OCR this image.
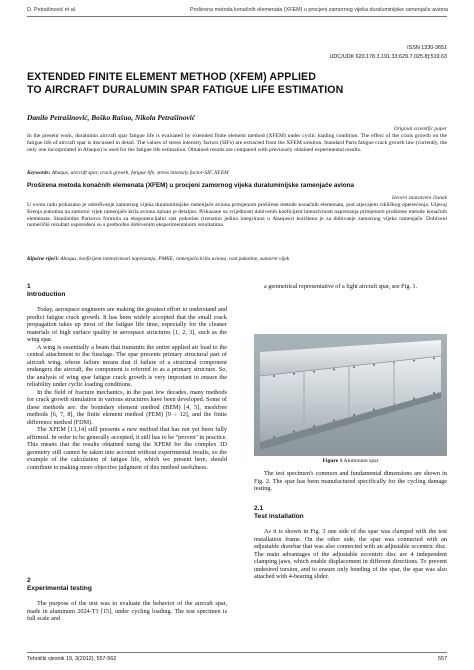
D. Petrašinović et al.	Proširena metoda konačnih elemenata (XFEM) u procjeni zamornog vijeka duraluminijske ramenjače aviona
ISSN 1330-3651
UDC/UDK 620.178.3.191.33:629.7.025.8]:519.63
EXTENDED FINITE ELEMENT METHOD (XFEM) APPLIED
TO AIRCRAFT DURALUMIN SPAR FATIGUE LIFE ESTIMATION
Danilo Petrašinović, Boško Rašuo, Nikola Petrašinović
Original scientific paper
In the present work, duralumin aircraft spar fatigue life is evaluated by extended finite element method (XFEM) under cyclic loading condition. The effect of the crack growth on the fatigue life of aircraft spar is discussed in detail. The values of stress intensity factors (SIFs) are extracted from the XFEM solution. Standard Paris fatigue crack growth law (currently, the only one incorporated in Abaqus) is used for the fatigue life estimation. Obtained results are compared with previously obtained experimental results.
Keywords: Abaqus, aircraft spar, crack growth, fatigue life, stress intensity factor-SIF, XFEM
Proširena metoda konačnih elemenata (XFEM) u procjeni zamornog vijeka duraluminijske ramenjače aviona
Izvorni znanstveni članak
U ovom radu prikazano je određivanje zamornog vijeka duraluminijske ramenjače aviona primjenom proširene metode konačnih elemenata, pod utjecajem cikličkog opterećenja. Utjecaj širenja pukotina na zamorni vijek ramenjače krila aviona opisan je detaljno. Prikazane su vrijednosti dobivenih koeficijent intenzivnosti naprezanja primjenom proširene metode konačnih elemenata. Standardna Parisova formula za eksponencijalni rast pukotine (trenutno jedina integrirana u Abaqusu) korištena je za dobivanje zamornog vijeka ramenjače. Dobiveni numerički rezultati uspoređeni su s prethodno dobivenim eksperimentalnim rezultatima.
Ključne riječi: Abaqus, koeficijent intenzivnosti naprezanja, PMKE, ramenjača krila aviona, rast pukotine, zamorni vijek
1
Introduction

Today, aerospace engineers are making the greatest effort to understand and predict fatigue crack growth. It has been widely accepted that the small crack propagation takes up most of the fatigue life time, especially for the cleaner materials of high surface quality in aerospace structures [1, 2, 3], such as the wing spar.

A wing is essentially a beam that transmits the entire applied air load to the central attachment to the fuselage. The spar presents primary structural part of aircraft wing, whose failure means that if failure of a structural component endangers the aircraft, the component is referred to as a primary structure. So, the analysis of wing spar fatigue crack growth is very important to ensure the reliability under cyclic loading conditions.

In the field of fracture mechanics, in the past few decades, many methods for crack growth simulation in various structures have been developed. Some of these methods are: the boundary element method (BEM) [4, 5], meshfree methods [6, 7, 8], the finite element method (FEM) [9 ÷ 12], and the finite difference method (FDM).

The XFEM [13,14] still presents a new method that has not yet been fully affirmed. In order to be generally accepted, it still has to be "proven" in practice. This means that the results obtained using the XFEM for the complex 3D geometry still cannot be taken into account without experimental results, so the example of the calculation of fatigue life, which we present here, should contribute to making more objective judgment of this method usefulness.

2
Experimental testing

The purpose of the test was to evaluate the behavior of the aircraft spar, made in aluminum 2024-T3 [15], under cycling loading. The test specimen is full scale and

a geometrical representative of a light aircraft spar, see Fig. 1.

Figure 1 Aluminum spar

The test specimen's common and fundamental dimensions are shown in Fig. 2. The spar has been manufactured specifically for the cycling damage testing.

2.1
Test installation

As it is shown in Fig. 3 one side of the spar was clamped with the test installation frame. On the other side, the spar was connected with an adjustable drawbar that was also connected with an adjustable eccentric disc. The main advantages of the adjustable eccentric disc are 4 independent clamping jaws, which enable displacement in different directions. To prevent undesired torsion, and to ensure only bending of the spar, the spar was also attached with 4-bearing slider.

Tehnički vjesnik 19, 3(2012), 557-562	557
